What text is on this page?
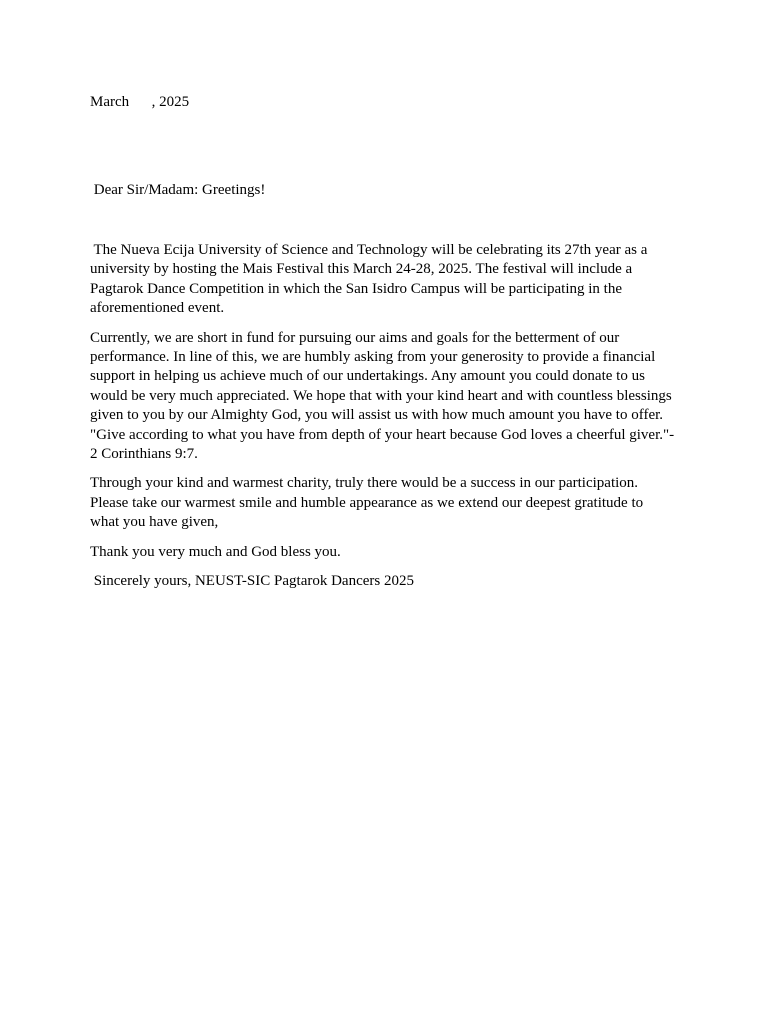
March      , 2025
Dear Sir/Madam: Greetings!

The Nueva Ecija University of Science and Technology will be celebrating its 27th year as a
university by hosting the Mais Festival this March 24-28, 2025. The festival will include a
Pagtarok Dance Competition in which the San Isidro Campus will be participating in the
aforementioned event.

Currently, we are short in fund for pursuing our aims and goals for the betterment of our
performance. In line of this, we are humbly asking from your generosity to provide a financial
support in helping us achieve much of our undertakings. Any amount you could donate to us
would be very much appreciated. We hope that with your kind heart and with countless blessings
given to you by our Almighty God, you will assist us with how much amount you have to offer.
"Give according to what you have from depth of your heart because God loves a cheerful giver."-
2 Corinthians 9:7.

Through your kind and warmest charity, truly there would be a success in our participation.
Please take our warmest smile and humble appearance as we extend our deepest gratitude to
what you have given,

Thank you very much and God bless you.
Sincerely yours, NEUST-SIC Pagtarok Dancers 2025
